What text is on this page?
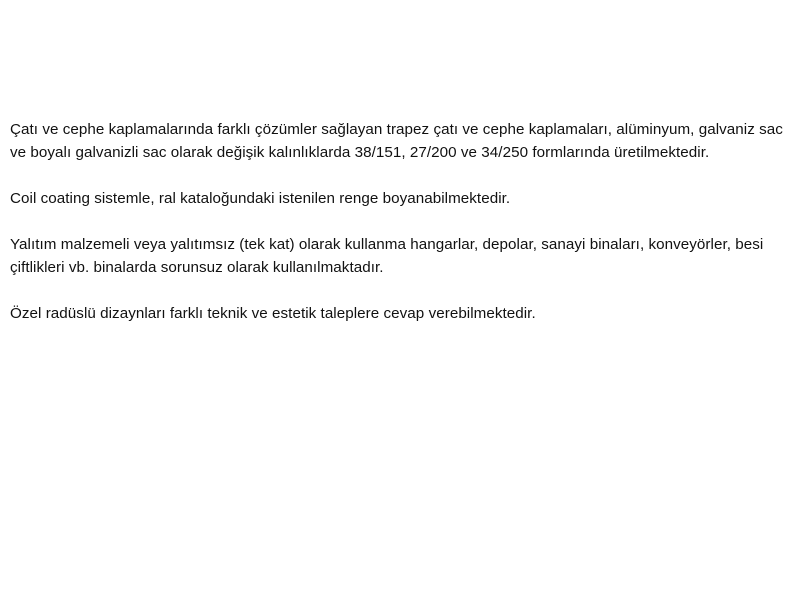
Çatı ve cephe kaplamalarında farklı çözümler sağlayan trapez çatı ve cephe kaplamaları, alüminyum, galvaniz sac ve boyalı galvanizli sac olarak değişik kalınlıklarda 38/151, 27/200 ve 34/250 formlarında üretilmektedir.

Coil coating sistemle, ral kataloğundaki istenilen renge boyanabilmektedir.

Yalıtım malzemeli veya yalıtımsız (tek kat) olarak kullanma hangarlar, depolar, sanayi binaları, konveyörler, besi çiftlikleri vb. binalarda sorunsuz olarak kullanılmaktadır.

Özel radüslü dizaynları farklı teknik ve estetik taleplere cevap verebilmektedir.
